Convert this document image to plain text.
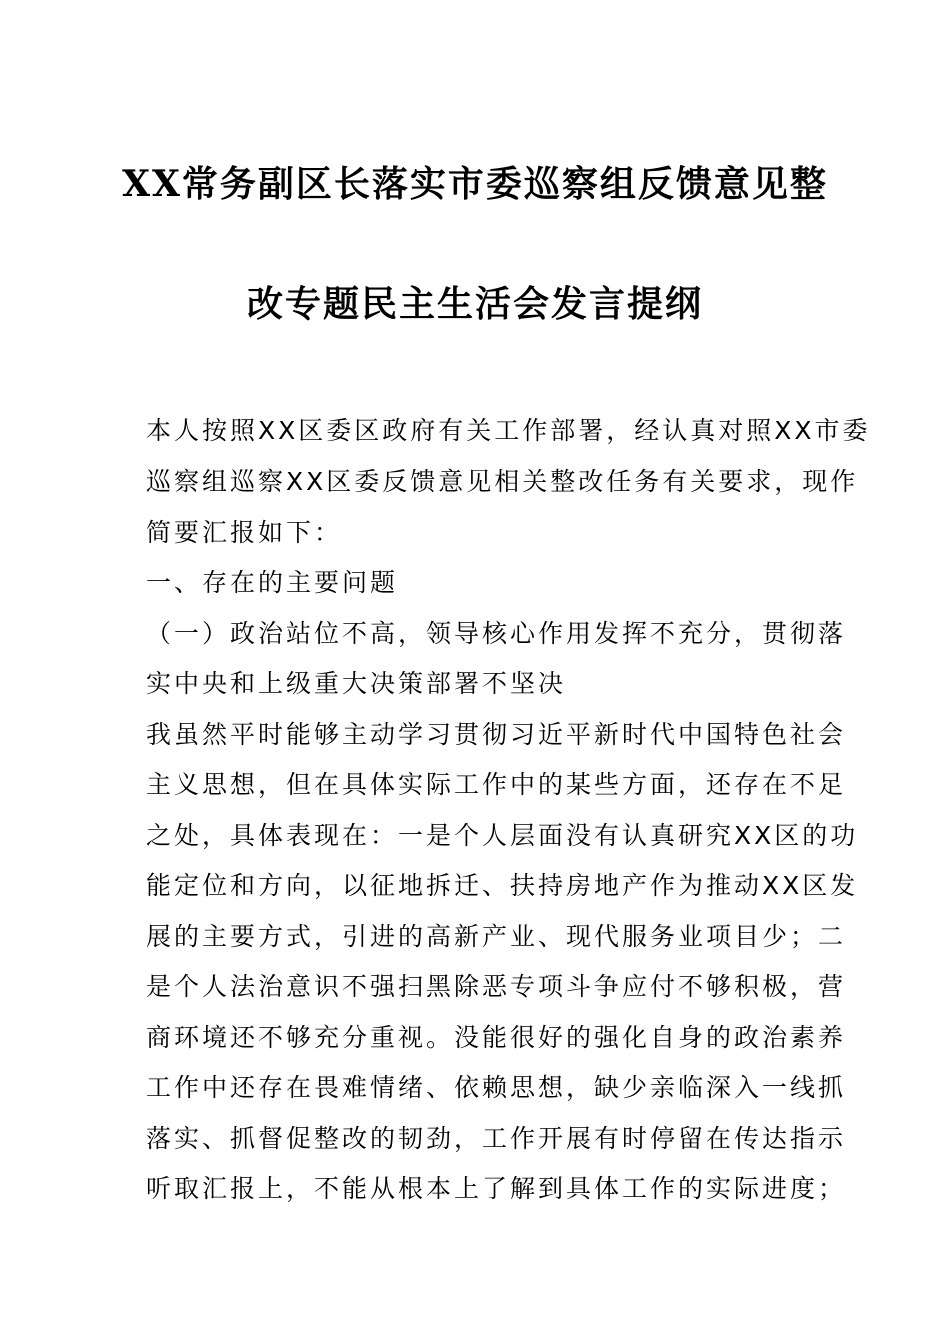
XX常务副区长落实市委巡察组反馈意见整
改专题民主生活会发言提纲
本人按照XX区委区政府有关工作部署，经认真对照XX市委
巡察组巡察XX区委反馈意见相关整改任务有关要求，现作
简要汇报如下：
一、存在的主要问题
（一）政治站位不高，领导核心作用发挥不充分，贯彻落
实中央和上级重大决策部署不坚决
我虽然平时能够主动学习贯彻习近平新时代中国特色社会
主义思想，但在具体实际工作中的某些方面，还存在不足
之处，具体表现在：一是个人层面没有认真研究XX区的功
能定位和方向，以征地拆迁、扶持房地产作为推动XX区发
展的主要方式，引进的高新产业、现代服务业项目少；二
是个人法治意识不强扫黑除恶专项斗争应付不够积极，营
商环境还不够充分重视。没能很好的强化自身的政治素养
工作中还存在畏难情绪、依赖思想，缺少亲临深入一线抓
落实、抓督促整改的韧劲，工作开展有时停留在传达指示
听取汇报上，不能从根本上了解到具体工作的实际进度；
